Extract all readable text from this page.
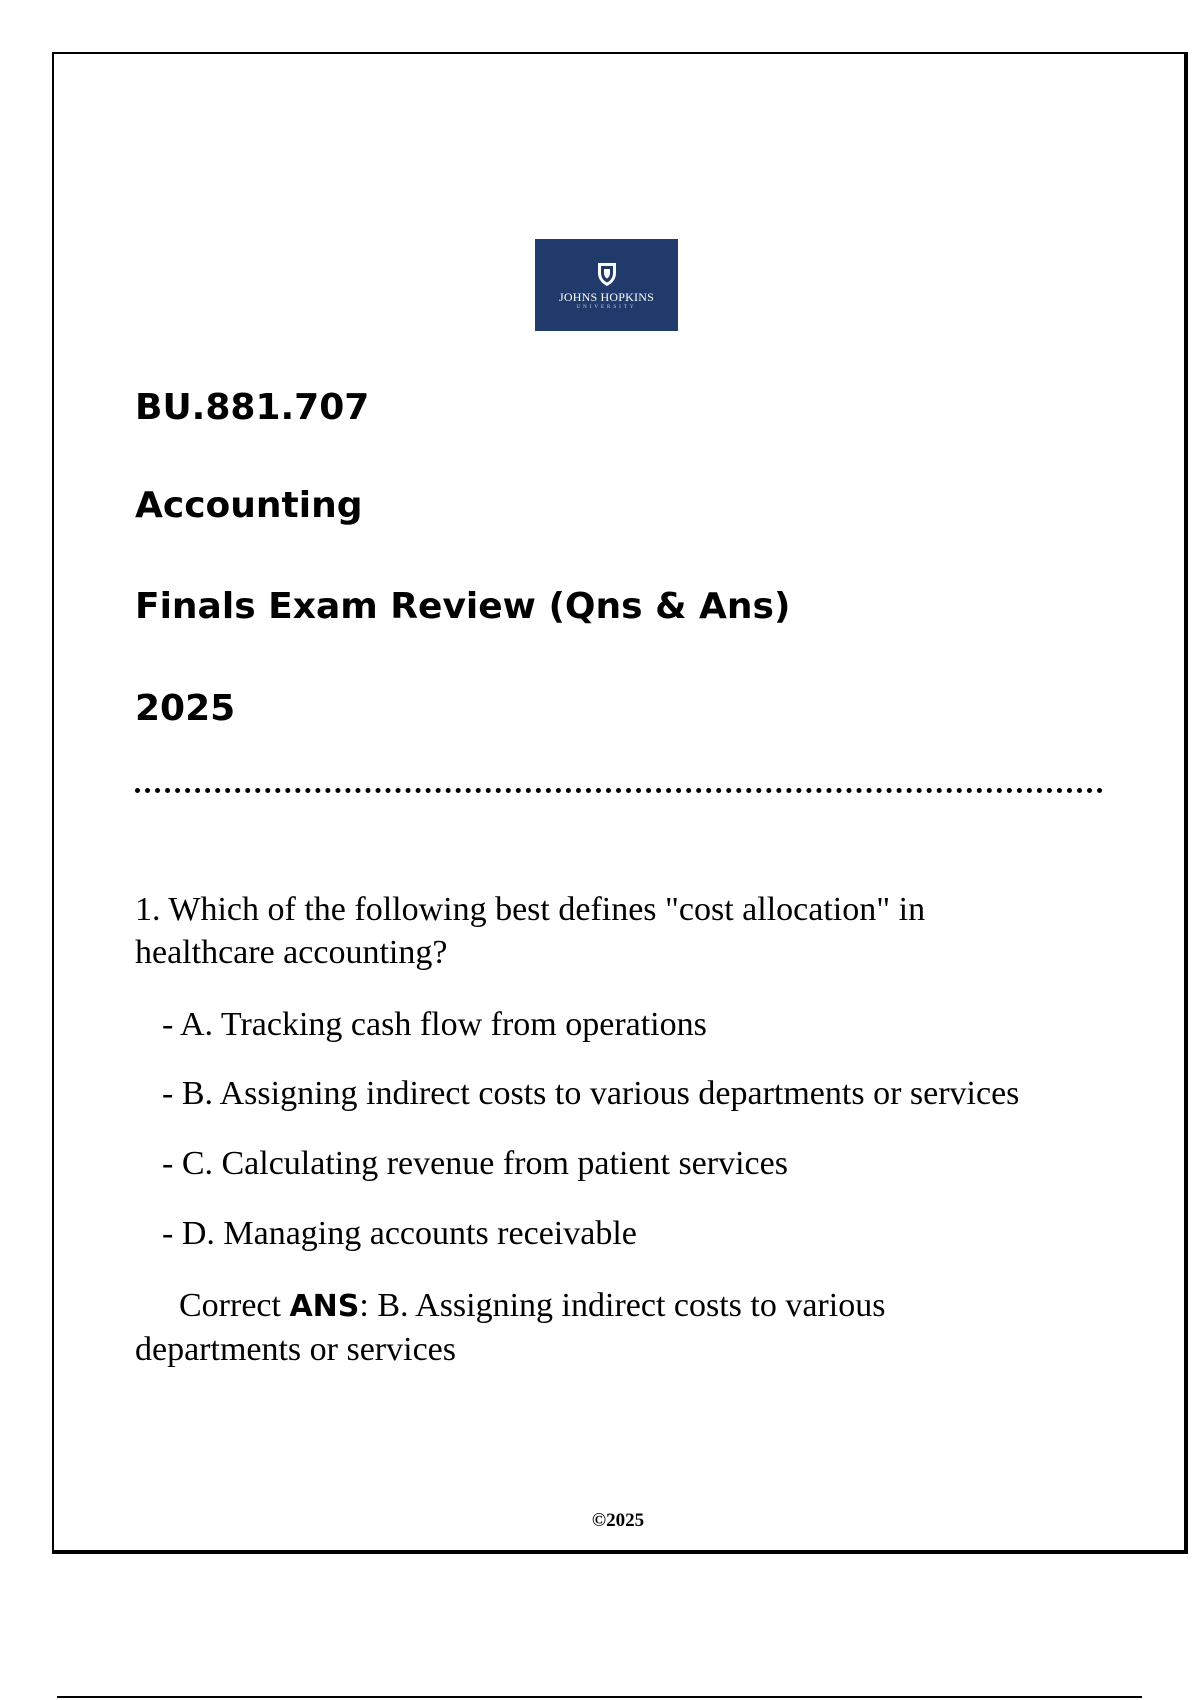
JOHNS HOPKINS
UNIVERSITY
BU.881.707
Accounting
Finals Exam Review (Qns & Ans)
2025

1. Which of the following best defines "cost allocation" in healthcare accounting?

- A. Tracking cash flow from operations

- B. Assigning indirect costs to various departments or services

- C. Calculating revenue from patient services

- D. Managing accounts receivable

Correct ANS: B. Assigning indirect costs to various departments or services

©2025
